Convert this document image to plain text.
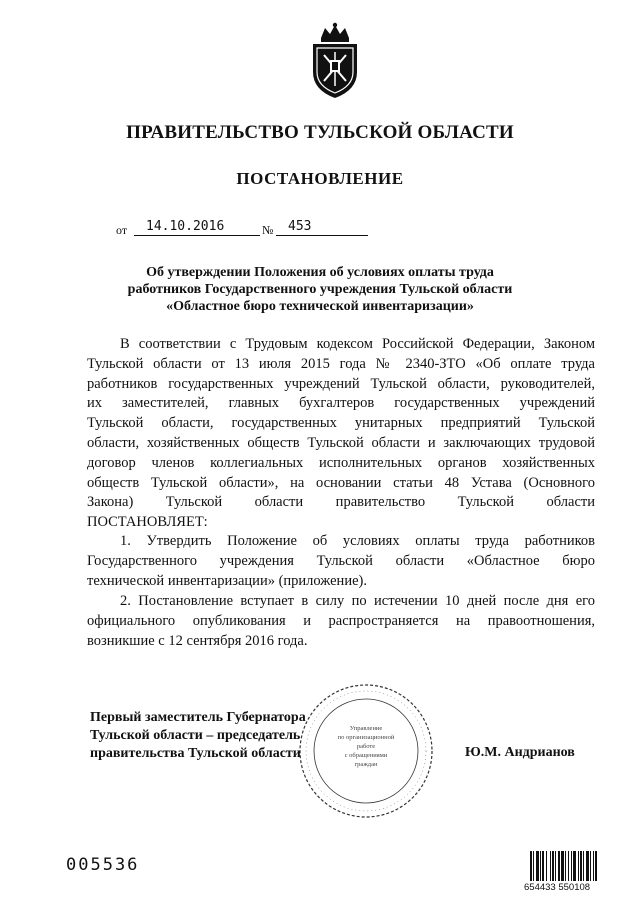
ПРАВИТЕЛЬСТВО ТУЛЬСКОЙ ОБЛАСТИ
ПОСТАНОВЛЕНИЕ
от 14.10.2016	№ 453
Об утверждении Положения об условиях оплаты труда
работников Государственного учреждения Тульской области
«Областное бюро технической инвентаризации»
В соответствии с Трудовым кодексом Российской Федерации, Законом
Тульской области от 13 июля 2015 года № 2340-ЗТО «Об оплате труда
работников государственных учреждений Тульской области, руководителей,
их заместителей, главных бухгалтеров государственных учреждений
Тульской области, государственных унитарных предприятий Тульской
области, хозяйственных обществ Тульской области и заключающих трудовой
договор членов коллегиальных исполнительных органов хозяйственных
обществ Тульской области», на основании статьи 48 Устава (Основного
Закона) Тульской области правительство Тульской области
ПОСТАНОВЛЯЕТ:
1. Утвердить Положение об условиях оплаты труда работников
Государственного учреждения Тульской области «Областное бюро
технической инвентаризации» (приложение).
2. Постановление вступает в силу по истечении 10 дней после дня его
официального опубликования и распространяется на правоотношения,
возникшие с 12 сентября 2016 года.
Управление
по организационной
работе
с обращениями
граждан
Первый заместитель Губернатора
Тульской области – председатель
правительства Тульской области	Ю.М. Андрианов
005536
654433 550108
